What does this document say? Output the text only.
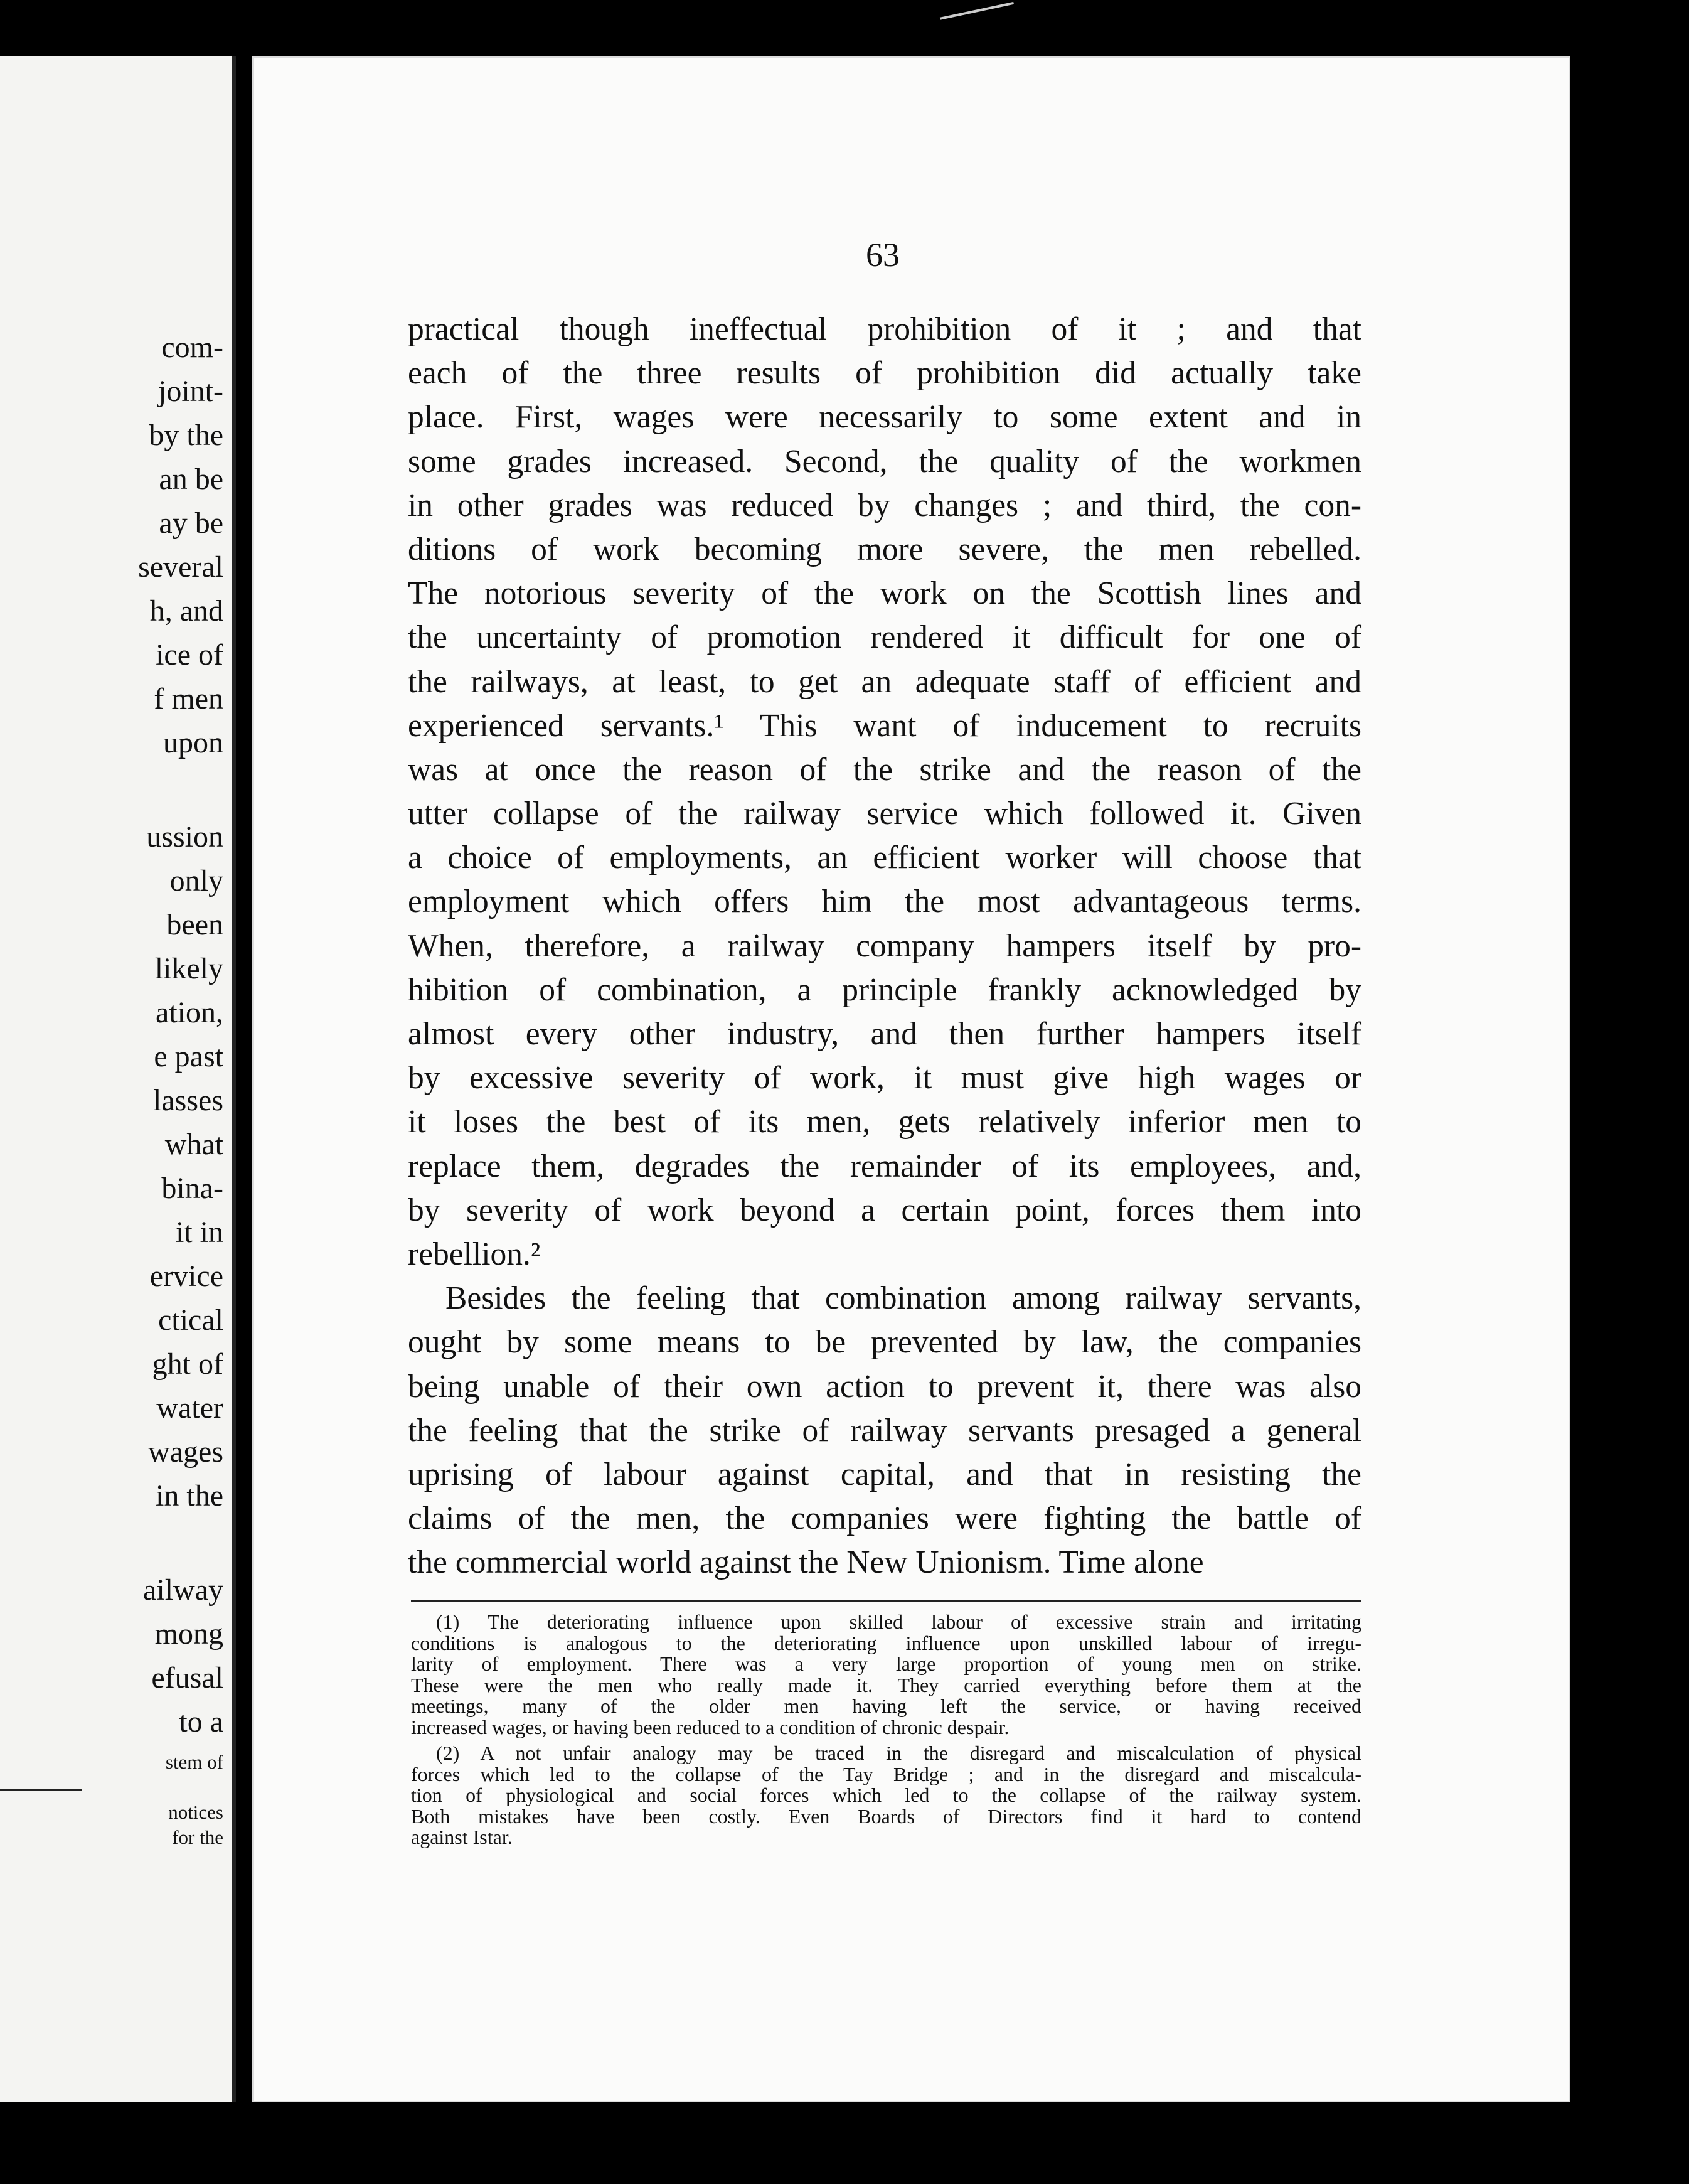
com-
joint-
by the
an be
ay be
several
h, and
ice of
f men
upon
ussion
only
been
likely
ation,
e past
lasses
what
bina-
it in
ervice
ctical
ght of
water
wages
in the
ailway
mong
efusal
to a
stem of
notices
for the
63
practical though ineffectual prohibition of it ; and that
each of the three results of prohibition did actually take
place. First, wages were necessarily to some extent and in
some grades increased. Second, the quality of the workmen
in other grades was reduced by changes ; and third, the con-
ditions of work becoming more severe, the men rebelled.
The notorious severity of the work on the Scottish lines and
the uncertainty of promotion rendered it difficult for one of
the railways, at least, to get an adequate staff of efficient and
experienced servants.¹ This want of inducement to recruits
was at once the reason of the strike and the reason of the
utter collapse of the railway service which followed it. Given
a choice of employments, an efficient worker will choose that
employment which offers him the most advantageous terms.
When, therefore, a railway company hampers itself by pro-
hibition of combination, a principle frankly acknowledged by
almost every other industry, and then further hampers itself
by excessive severity of work, it must give high wages or
it loses the best of its men, gets relatively inferior men to
replace them, degrades the remainder of its employees, and,
by severity of work beyond a certain point, forces them into
rebellion.²
Besides the feeling that combination among railway servants,
ought by some means to be prevented by law, the companies
being unable of their own action to prevent it, there was also
the feeling that the strike of railway servants presaged a general
uprising of labour against capital, and that in resisting the
claims of the men, the companies were fighting the battle of
the commercial world against the New Unionism. Time alone
(1) The deteriorating influence upon skilled labour of excessive strain and irritating
conditions is analogous to the deteriorating influence upon unskilled labour of irregu-
larity of employment. There was a very large proportion of young men on strike.
These were the men who really made it. They carried everything before them at the
meetings, many of the older men having left the service, or having received
increased wages, or having been reduced to a condition of chronic despair.
(2) A not unfair analogy may be traced in the disregard and miscalculation of physical
forces which led to the collapse of the Tay Bridge ; and in the disregard and miscalcula-
tion of physiological and social forces which led to the collapse of the railway system.
Both mistakes have been costly. Even Boards of Directors find it hard to contend
against Istar.
